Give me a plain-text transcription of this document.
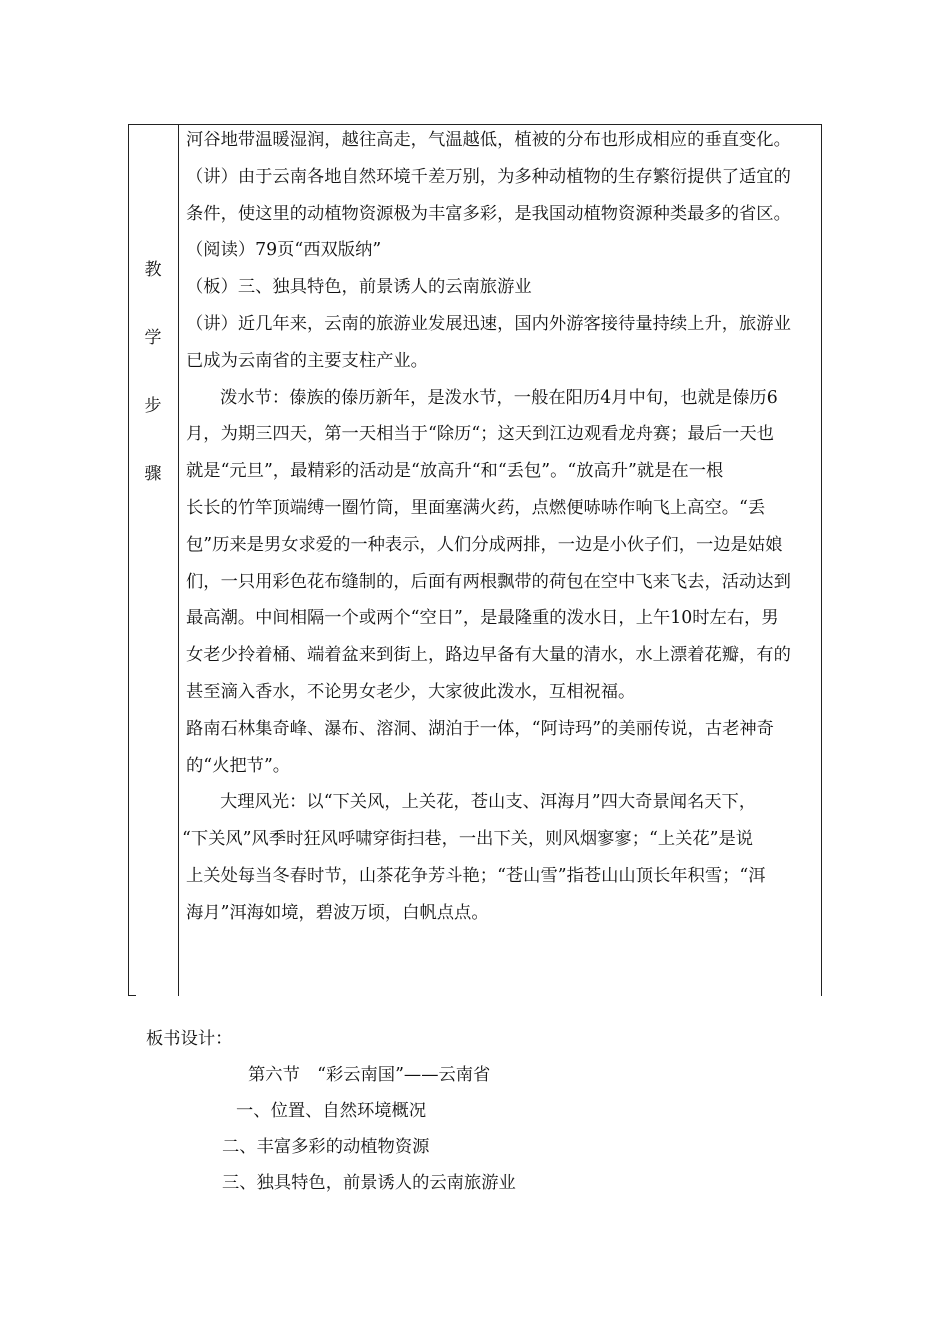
教
学
步
骤

河谷地带温暖湿润，越往高走，气温越低，植被的分布也形成相应的垂直变化。

（讲）由于云南各地自然环境千差万别，为多种动植物的生存繁衍提供了适宜的

条件，使这里的动植物资源极为丰富多彩，是我国动植物资源种类最多的省区。

（阅读）79页“西双版纳”

（板）三、独具特色，前景诱人的云南旅游业

（讲）近几年来，云南的旅游业发展迅速，国内外游客接待量持续上升，旅游业

已成为云南省的主要支柱产业。

泼水节：傣族的傣历新年，是泼水节，一般在阳历4月中旬，也就是傣历6

月，为期三四天，第一天相当于“除历“；这天到江边观看龙舟赛；最后一天也

就是“元旦”，最精彩的活动是“放高升“和“丢包”。“放高升”就是在一根

长长的竹竿顶端缚一圈竹筒，里面塞满火药，点燃便哧哧作响飞上高空。“丢

包”历来是男女求爱的一种表示，人们分成两排，一边是小伙子们，一边是姑娘

们，一只用彩色花布缝制的，后面有两根飘带的荷包在空中飞来飞去，活动达到

最高潮。中间相隔一个或两个“空日”，是最隆重的泼水日，上午10时左右，男

女老少拎着桶、端着盆来到街上，路边早备有大量的清水，水上漂着花瓣，有的

甚至滴入香水，不论男女老少，大家彼此泼水，互相祝福。

路南石林集奇峰、瀑布、溶洞、湖泊于一体，“阿诗玛”的美丽传说，古老神奇

的“火把节”。

大理风光：以“下关风，上关花，苍山支、洱海月”四大奇景闻名天下，

“下关风”风季时狂风呼啸穿街扫巷，一出下关，则风烟寥寥；“上关花”是说

上关处每当冬春时节，山茶花争芳斗艳；“苍山雪”指苍山山顶长年积雪；“洱

海月”洱海如境，碧波万顷，白帆点点。

板书设计：
第六节　“彩云南国”——云南省
一、位置、自然环境概况
二、丰富多彩的动植物资源
三、独具特色，前景诱人的云南旅游业
